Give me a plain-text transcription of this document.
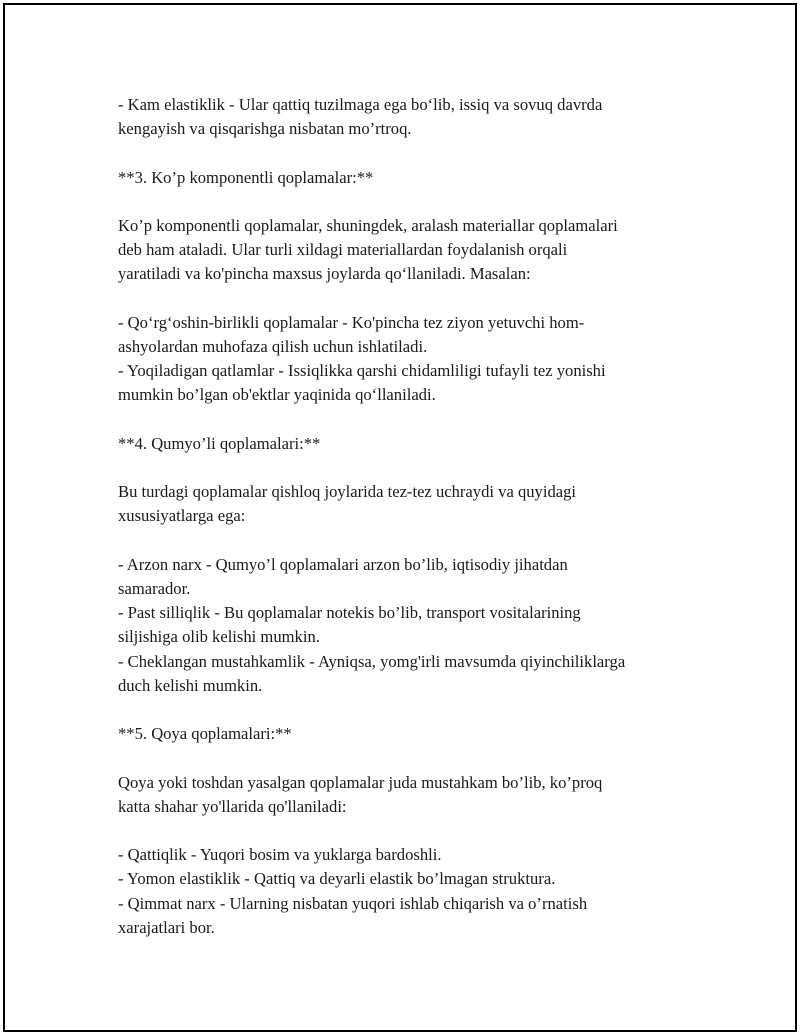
- Kam elastiklik - Ular qattiq tuzilmaga ega bo‘lib, issiq va sovuq davrda
kengayish va qisqarishga nisbatan mo’rtroq.
**3. Ko’p komponentli qoplamalar:**
Ko’p komponentli qoplamalar, shuningdek, aralash materiallar qoplamalari
deb ham ataladi. Ular turli xildagi materiallardan foydalanish orqali
yaratiladi va ko'pincha maxsus joylarda qo‘llaniladi. Masalan:
- Qo‘rg‘oshin-birlikli qoplamalar - Ko'pincha tez ziyon yetuvchi hom-
ashyolardan muhofaza qilish uchun ishlatiladi.
- Yoqiladigan qatlamlar - Issiqlikka qarshi chidamliligi tufayli tez yonishi
mumkin bo’lgan ob'ektlar yaqinida qo‘llaniladi.
**4. Qumyo’li qoplamalari:**
Bu turdagi qoplamalar qishloq joylarida tez-tez uchraydi va quyidagi
xususiyatlarga ega:
- Arzon narx - Qumyo’l qoplamalari arzon bo’lib, iqtisodiy jihatdan
samarador.
- Past silliqlik - Bu qoplamalar notekis bo’lib, transport vositalarining
siljishiga olib kelishi mumkin.
- Cheklangan mustahkamlik - Ayniqsa, yomg'irli mavsumda qiyinchiliklarga
duch kelishi mumkin.
**5. Qoya qoplamalari:**
Qoya yoki toshdan yasalgan qoplamalar juda mustahkam bo’lib, ko’proq
katta shahar yo'llarida qo'llaniladi:
- Qattiqlik - Yuqori bosim va yuklarga bardoshli.
- Yomon elastiklik - Qattiq va deyarli elastik bo’lmagan struktura.
- Qimmat narx - Ularning nisbatan yuqori ishlab chiqarish va o’rnatish
xarajatlari bor.
